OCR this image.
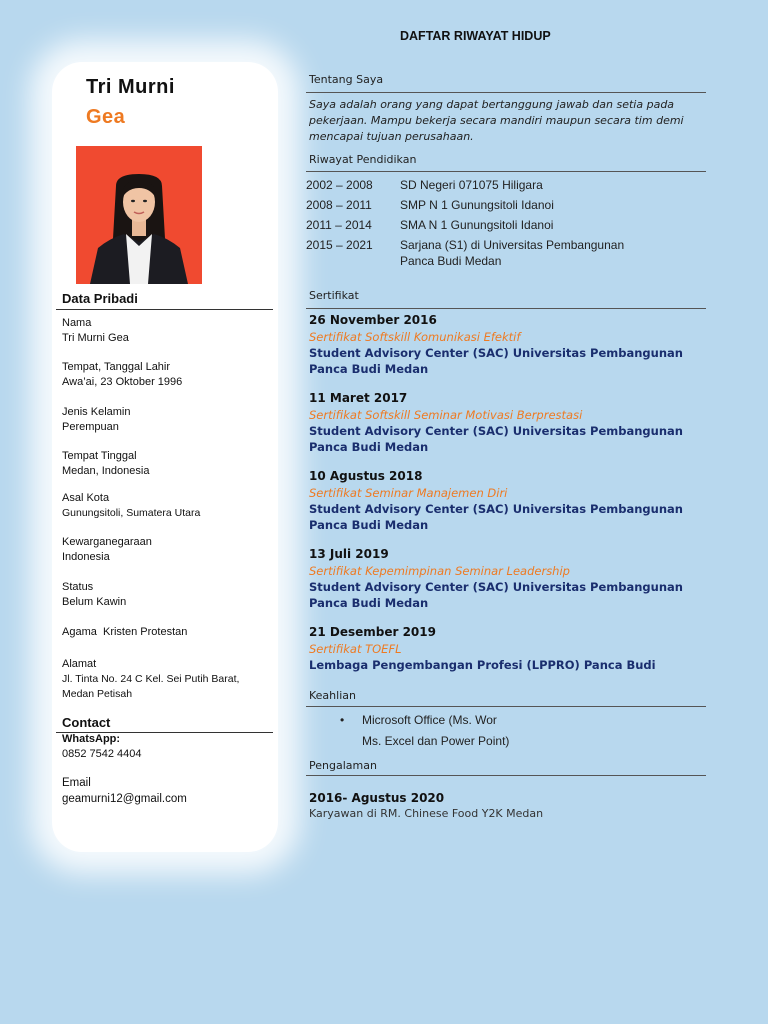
Tri Murni
Gea
Data Pribadi
Nama
Tri Murni Gea
Tempat, Tanggal Lahir
Awa’ai, 23 Oktober 1996
Jenis Kelamin
Perempuan
Tempat Tinggal
Medan, Indonesia
Asal Kota
Gunungsitoli, Sumatera Utara
Kewarganegaraan
Indonesia
Status
Belum Kawin
Agama Kristen Protestan
Alamat
Jl. Tinta No. 24 C Kel. Sei Putih Barat,
Medan Petisah
Contact
WhatsApp:
0852 7542 4404
Email
geamurni12@gmail.com
DAFTAR RIWAYAT HIDUP
Tentang Saya
Saya adalah orang yang dapat bertanggung jawab dan setia pada pekerjaan. Mampu bekerja secara mandiri maupun secara tim demi mencapai tujuan perusahaan.
Riwayat Pendidikan
2002 – 2008 SD Negeri 071075 Hiligara
2008 – 2011 SMP N 1 Gunungsitoli Idanoi
2011 – 2014 SMA N 1 Gunungsitoli Idanoi
2015 – 2021 Sarjana (S1) di Universitas Pembangunan
Panca Budi Medan
Sertifikat
26 November 2016
Sertifikat Softskill Komunikasi Efektif
Student Advisory Center (SAC) Universitas Pembangunan
Panca Budi Medan
11 Maret 2017
Sertifikat Softskill Seminar Motivasi Berprestasi
Student Advisory Center (SAC) Universitas Pembangunan
Panca Budi Medan
10 Agustus 2018
Sertifikat Seminar Manajemen Diri
Student Advisory Center (SAC) Universitas Pembangunan
Panca Budi Medan
13 Juli 2019
Sertifikat Kepemimpinan Seminar Leadership
Student Advisory Center (SAC) Universitas Pembangunan
Panca Budi Medan
21 Desember 2019
Sertifikat TOEFL
Lembaga Pengembangan Profesi (LPPRO) Panca Budi
Keahlian
• Microsoft Office (Ms. Wor
Ms. Excel dan Power Point)
Pengalaman
2016- Agustus 2020
Karyawan di RM. Chinese Food Y2K Medan
